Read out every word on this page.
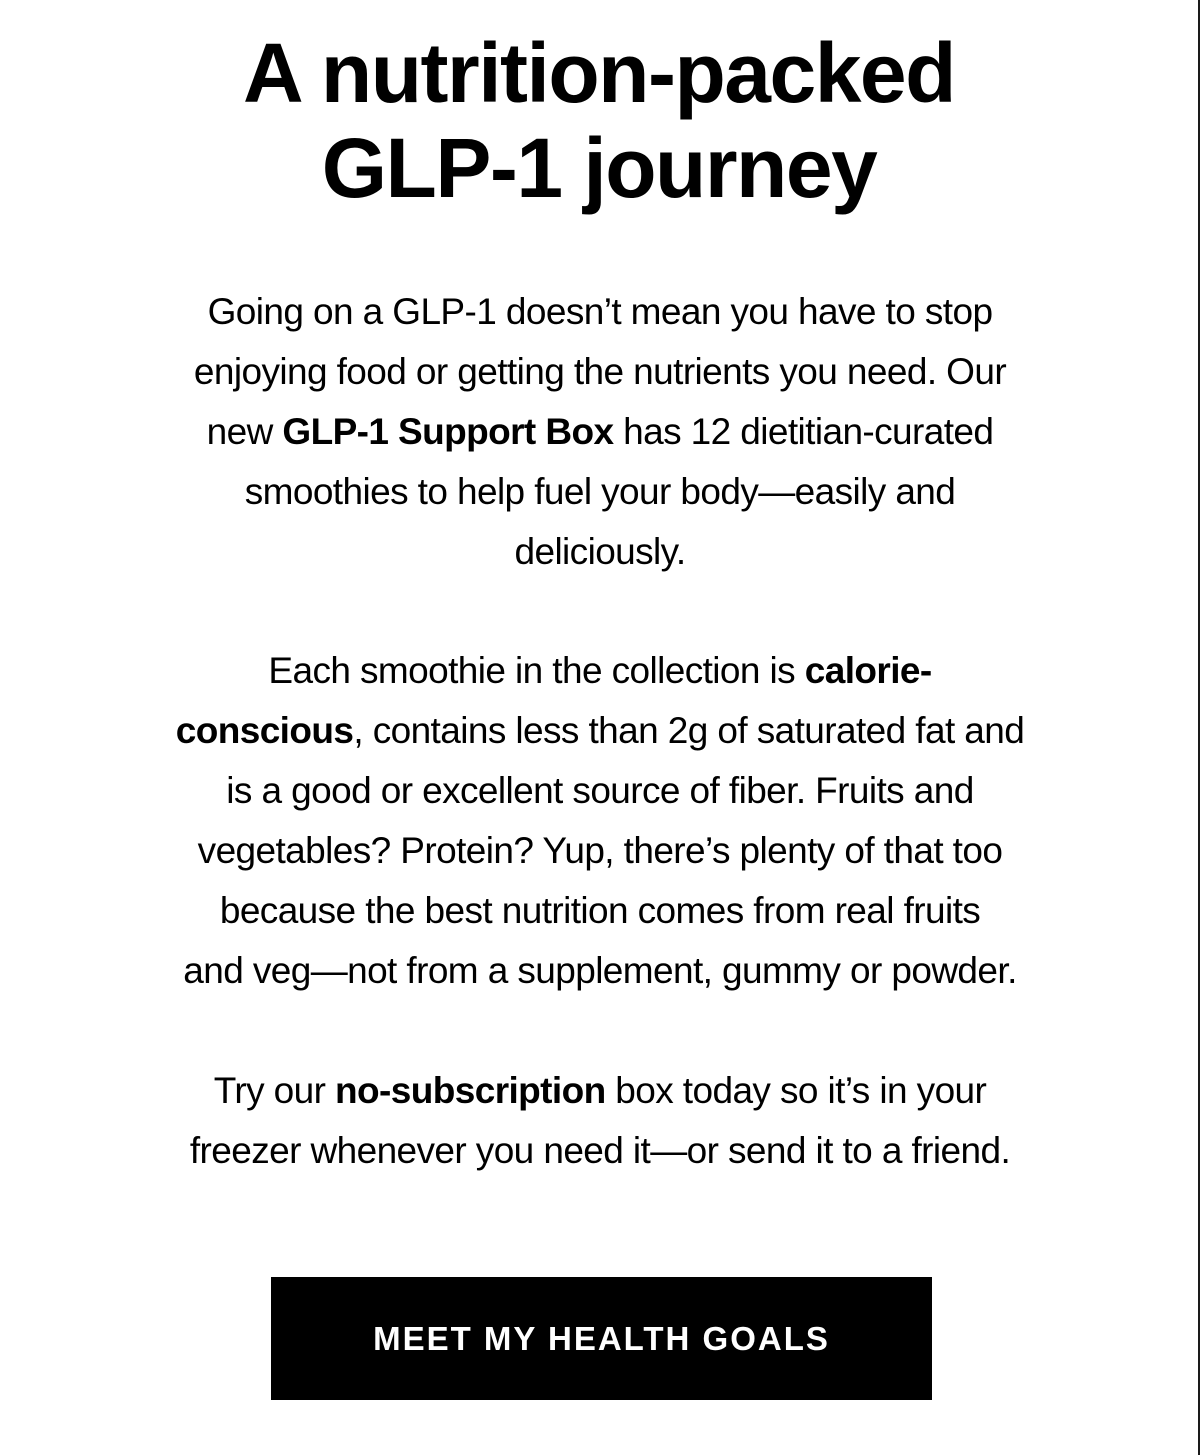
A nutrition-packed
GLP-1 journey

Going on a GLP-1 doesn’t mean you have to stop
enjoying food or getting the nutrients you need. Our
new GLP-1 Support Box has 12 dietitian-curated
smoothies to help fuel your body—easily and
deliciously.

Each smoothie in the collection is calorie-
conscious, contains less than 2g of saturated fat and
is a good or excellent source of fiber. Fruits and
vegetables? Protein? Yup, there’s plenty of that too
because the best nutrition comes from real fruits
and veg—not from a supplement, gummy or powder.

Try our no-subscription box today so it’s in your
freezer whenever you need it—or send it to a friend.

MEET MY HEALTH GOALS
